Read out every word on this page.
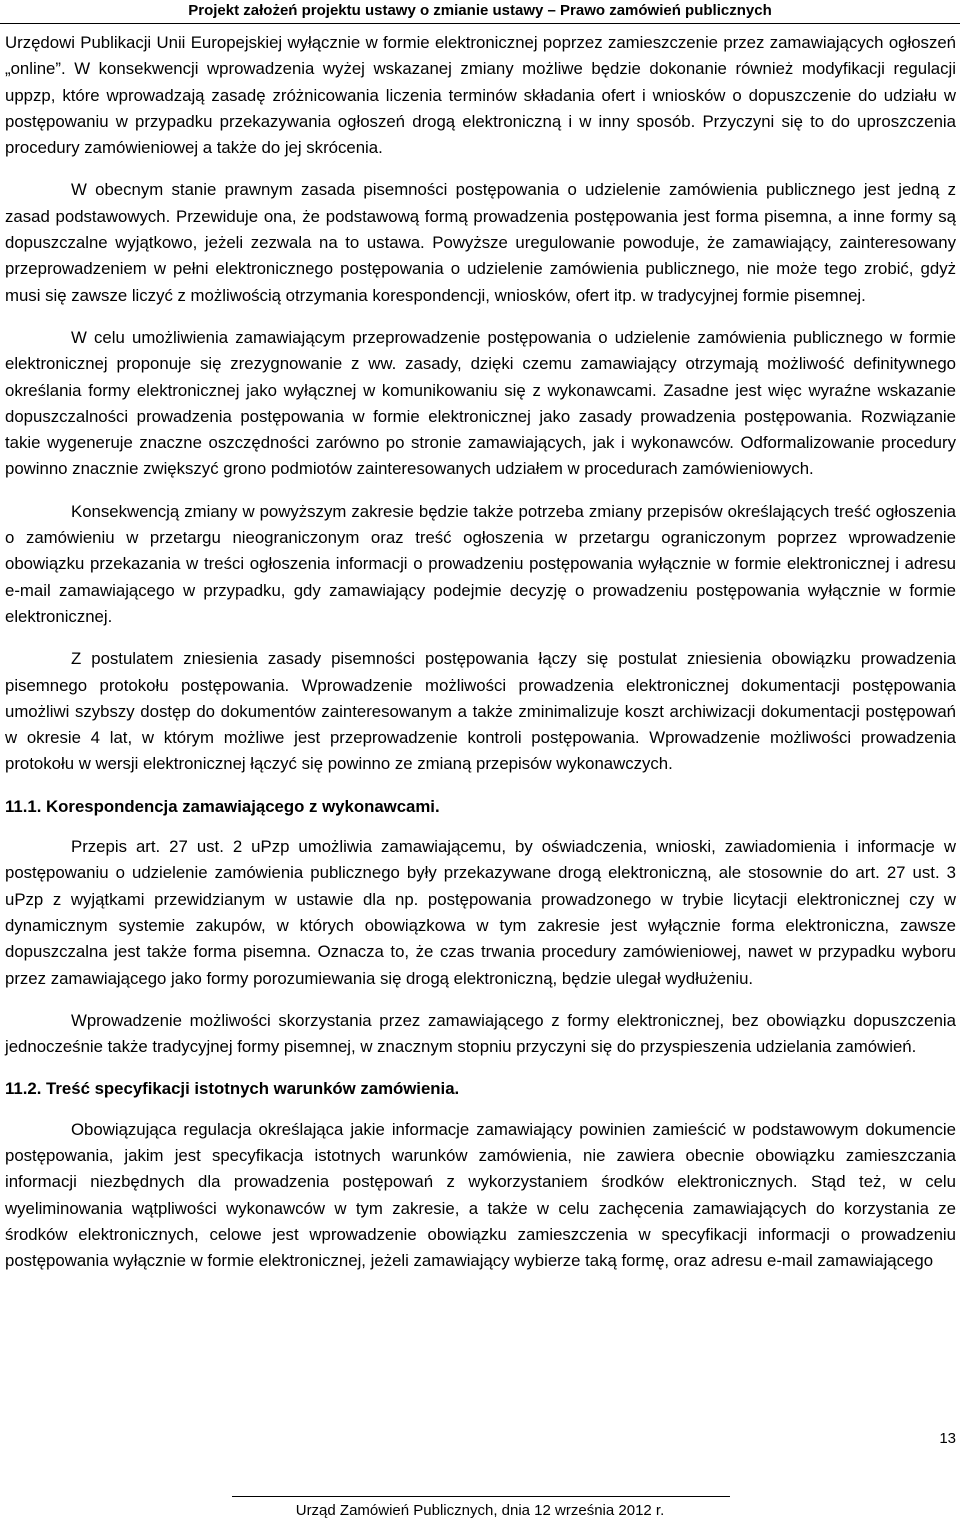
Projekt założeń projektu ustawy o zmianie ustawy – Prawo zamówień publicznych

Urzędowi Publikacji Unii Europejskiej wyłącznie w formie elektronicznej poprzez zamieszczenie przez zamawiających ogłoszeń „online”. W konsekwencji wprowadzenia wyżej wskazanej zmiany możliwe będzie dokonanie również modyfikacji regulacji uppzp, które wprowadzają zasadę zróżnicowania liczenia terminów składania ofert i wniosków o dopuszczenie do udziału w postępowaniu w przypadku przekazywania ogłoszeń drogą elektroniczną i w inny sposób. Przyczyni się to do uproszczenia procedury zamówieniowej a także do jej skrócenia.

W obecnym stanie prawnym zasada pisemności postępowania o udzielenie zamówienia publicznego jest jedną z zasad podstawowych. Przewiduje ona, że podstawową formą prowadzenia postępowania jest forma pisemna, a inne formy są dopuszczalne wyjątkowo, jeżeli zezwala na to ustawa. Powyższe uregulowanie powoduje, że zamawiający, zainteresowany przeprowadzeniem w pełni elektronicznego postępowania o udzielenie zamówienia publicznego, nie może tego zrobić, gdyż musi się zawsze liczyć z możliwością otrzymania korespondencji, wniosków, ofert itp. w tradycyjnej formie pisemnej.

W celu umożliwienia zamawiającym przeprowadzenie postępowania o udzielenie zamówienia publicznego w formie elektronicznej proponuje się zrezygnowanie z ww. zasady, dzięki czemu zamawiający otrzymają możliwość definitywnego określania formy elektronicznej jako wyłącznej w komunikowaniu się z wykonawcami. Zasadne jest więc wyraźne wskazanie dopuszczalności prowadzenia postępowania w formie elektronicznej jako zasady prowadzenia postępowania. Rozwiązanie takie wygeneruje znaczne oszczędności zarówno po stronie zamawiających, jak i wykonawców. Odformalizowanie procedury powinno znacznie zwiększyć grono podmiotów zainteresowanych udziałem w procedurach zamówieniowych.

Konsekwencją zmiany w powyższym zakresie będzie także potrzeba zmiany przepisów określających treść ogłoszenia o zamówieniu w przetargu nieograniczonym oraz treść ogłoszenia w przetargu ograniczonym poprzez wprowadzenie obowiązku przekazania w treści ogłoszenia informacji o prowadzeniu postępowania wyłącznie w formie elektronicznej i adresu e-mail zamawiającego w przypadku, gdy zamawiający podejmie decyzję o prowadzeniu postępowania wyłącznie w formie elektronicznej.

Z postulatem zniesienia zasady pisemności postępowania łączy się postulat zniesienia obowiązku prowadzenia pisemnego protokołu postępowania. Wprowadzenie możliwości prowadzenia elektronicznej dokumentacji postępowania umożliwi szybszy dostęp do dokumentów zainteresowanym a także zminimalizuje koszt archiwizacji dokumentacji postępowań w okresie 4 lat, w którym możliwe jest przeprowadzenie kontroli postępowania. Wprowadzenie możliwości prowadzenia protokołu w wersji elektronicznej łączyć się powinno ze zmianą przepisów wykonawczych.

11.1. Korespondencja zamawiającego z wykonawcami.

Przepis art. 27 ust. 2 uPzp umożliwia zamawiającemu, by oświadczenia, wnioski, zawiadomienia i informacje w postępowaniu o udzielenie zamówienia publicznego były przekazywane drogą elektroniczną, ale stosownie do art. 27 ust. 3 uPzp z wyjątkami przewidzianym w ustawie dla np. postępowania prowadzonego w trybie licytacji elektronicznej czy w dynamicznym systemie zakupów, w których obowiązkowa w tym zakresie jest wyłącznie forma elektroniczna, zawsze dopuszczalna jest także forma pisemna. Oznacza to, że czas trwania procedury zamówieniowej, nawet w przypadku wyboru przez zamawiającego jako formy porozumiewania się drogą elektroniczną, będzie ulegał wydłużeniu.

Wprowadzenie możliwości skorzystania przez zamawiającego z formy elektronicznej, bez obowiązku dopuszczenia jednocześnie także tradycyjnej formy pisemnej, w znacznym stopniu przyczyni się do przyspieszenia udzielania zamówień.

11.2. Treść specyfikacji istotnych warunków zamówienia.

Obowiązująca regulacja określająca jakie informacje zamawiający powinien zamieścić w podstawowym dokumencie postępowania, jakim jest specyfikacja istotnych warunków zamówienia, nie zawiera obecnie obowiązku zamieszczania informacji niezbędnych dla prowadzenia postępowań z wykorzystaniem środków elektronicznych. Stąd też, w celu wyeliminowania wątpliwości wykonawców w tym zakresie, a także w celu zachęcenia zamawiających do korzystania ze środków elektronicznych, celowe jest wprowadzenie obowiązku zamieszczenia w specyfikacji informacji o prowadzeniu postępowania wyłącznie w formie elektronicznej, jeżeli zamawiający wybierze taką formę, oraz adresu e-mail zamawiającego

13
Urząd Zamówień Publicznych, dnia 12 września 2012 r.
